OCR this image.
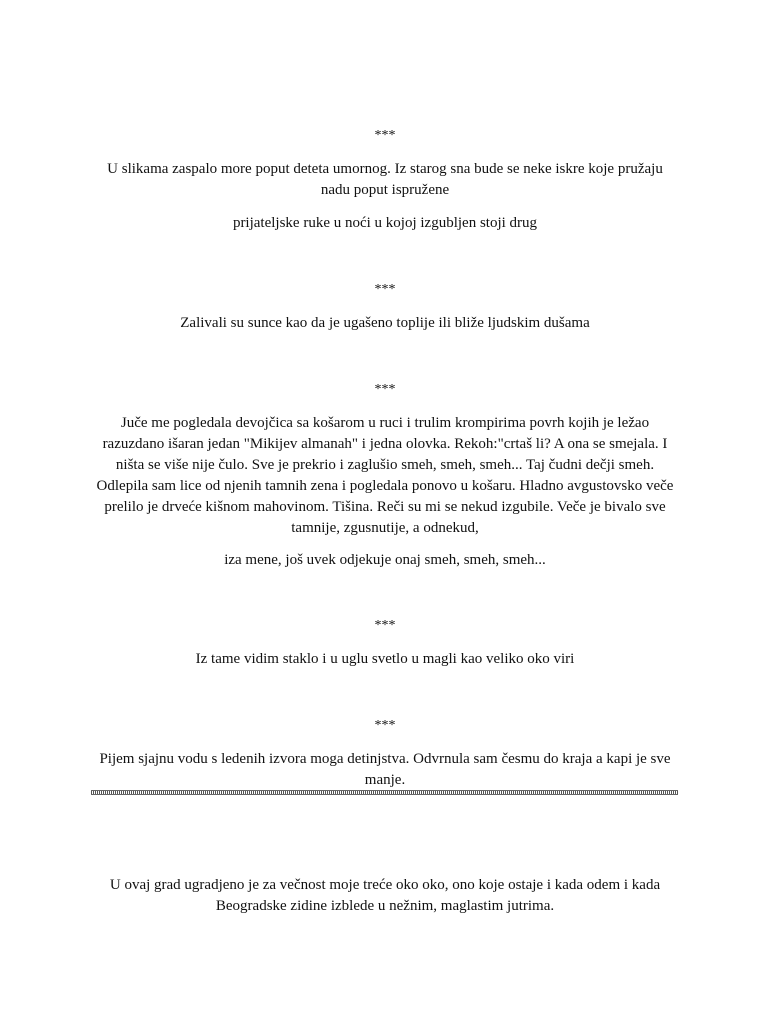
***

U slikama zaspalo more poput deteta umornog. Iz starog sna bude se neke iskre koje pružaju nadu poput ispružene

prijateljske ruke u noći u kojoj izgubljen stoji drug

***

Zalivali su sunce kao da je ugašeno toplije ili bliže ljudskim dušama

***

Juče me pogledala devojčica sa košarom u ruci i trulim krompirima povrh kojih je ležao razuzdano išaran jedan "Mikijev almanah" i jedna olovka. Rekoh:"crtaš li? A ona se smejala. I ništa se više nije čulo. Sve je prekrio i zaglušio smeh, smeh, smeh... Taj čudni dečji smeh. Odlepila sam lice od njenih tamnih zena i pogledala ponovo u košaru. Hladno avgustovsko veče prelilo je drveće kišnom mahovinom. Tišina. Reči su mi se nekud izgubile. Veče je bivalo sve tamnije, zgusnutije, a odnekud,

iza mene, još uvek odjekuje onaj smeh, smeh, smeh...

***

Iz tame vidim staklo i u uglu svetlo u magli kao veliko oko viri

***

Pijem sjajnu vodu s ledenih izvora moga detinjstva. Odvrnula sam česmu do kraja a kapi je sve manje.

U ovaj grad ugradjeno je za večnost moje treće oko oko, ono koje ostaje i kada odem i kada Beogradske zidine izblede u nežnim, maglastim jutrima.
